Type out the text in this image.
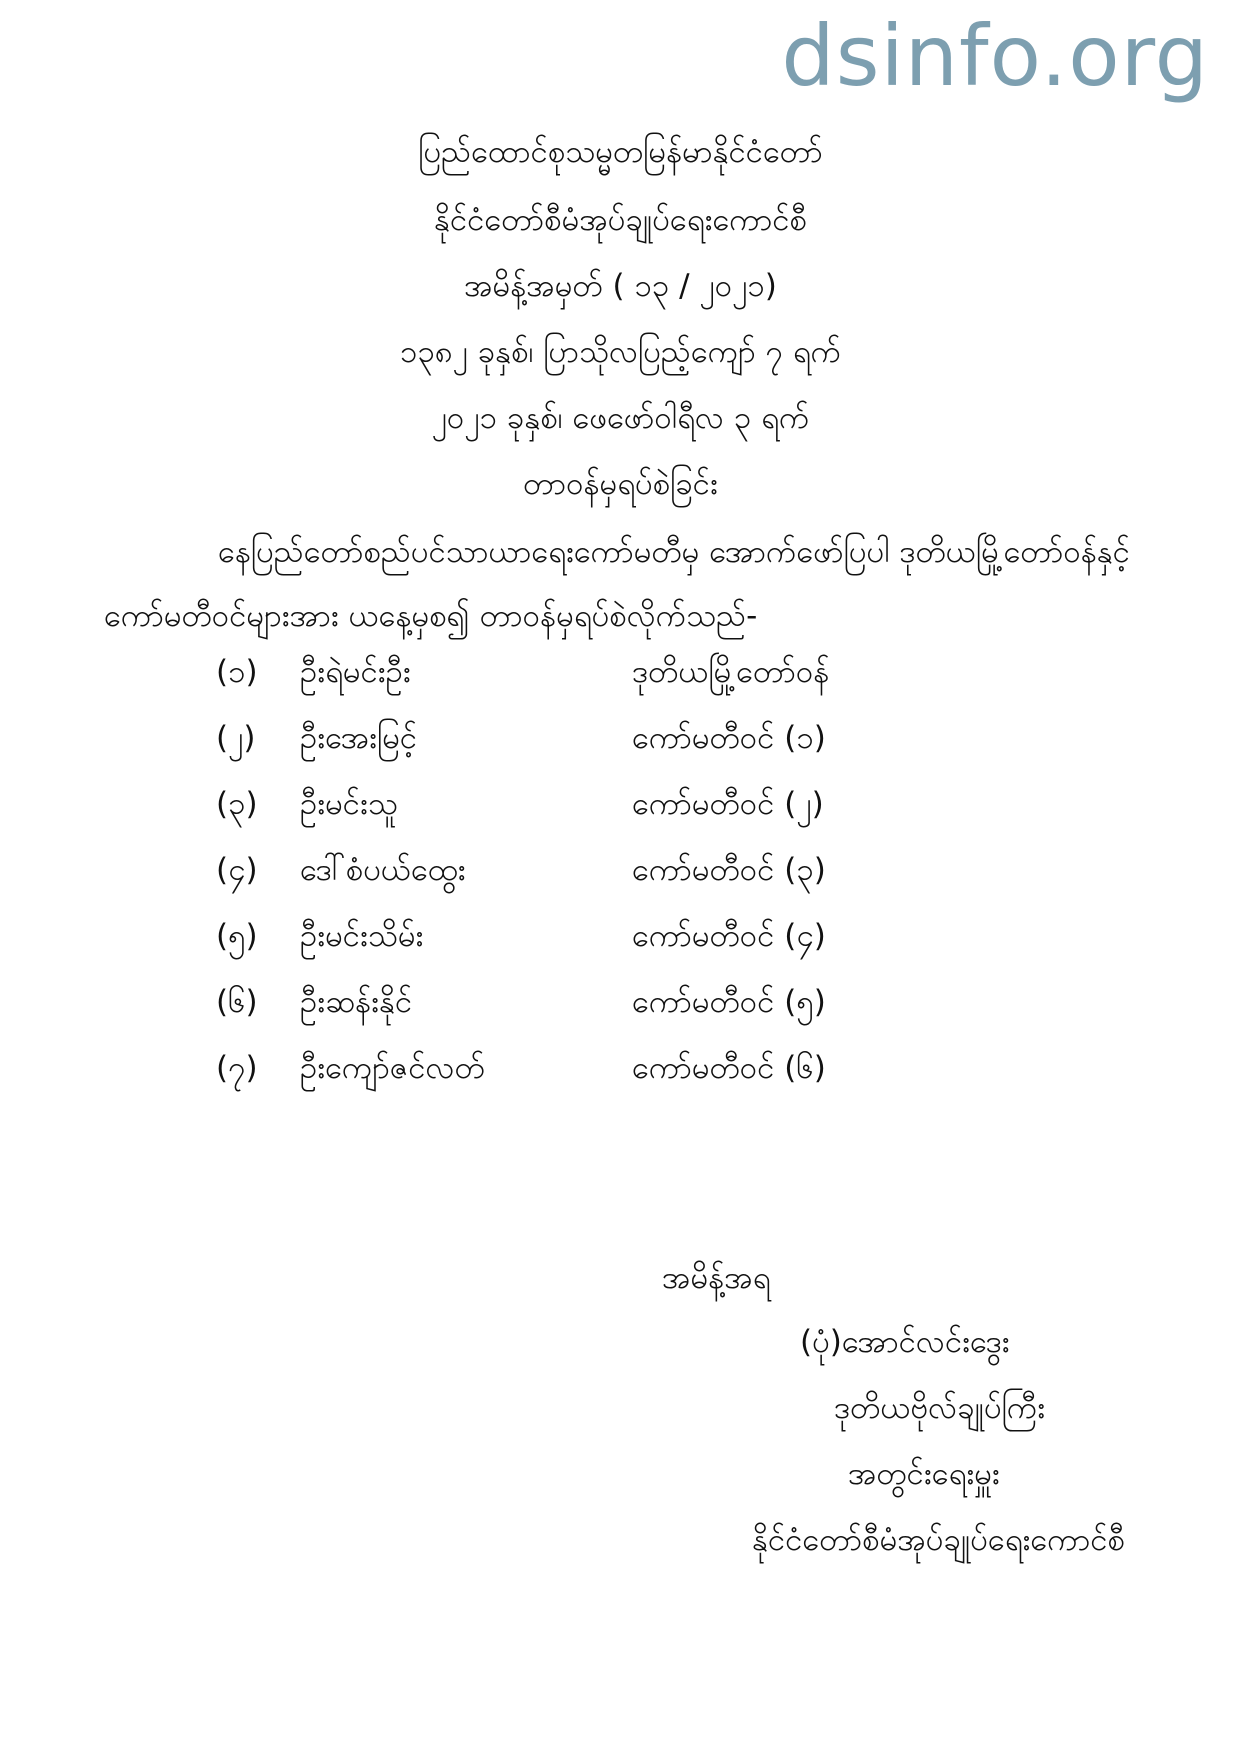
dsinfo.org
ပြည်ထောင်စုသမ္မတမြန်မာနိုင်ငံတော်
နိုင်ငံတော်စီမံအုပ်ချုပ်ရေးကောင်စီ
အမိန့်အမှတ် ( ၁၃ / ၂၀၂၁)
၁၃၈၂ ခုနှစ်၊ ပြာသိုလပြည့်ကျော် ၇ ရက်
၂၀၂၁ ခုနှစ်၊ ဖေဖော်ဝါရီလ ၃ ရက်
တာဝန်မှရပ်စဲခြင်း
နေပြည်တော်စည်ပင်သာယာရေးကော်မတီမှ အောက်ဖော်ပြပါ ဒုတိယမြို့တော်ဝန်နှင့်
ကော်မတီဝင်များအား ယနေ့မှစ၍ တာဝန်မှရပ်စဲလိုက်သည်-
(၁) ဦးရဲမင်းဦး	ဒုတိယမြို့တော်ဝန်
(၂) ဦးအေးမြင့်	ကော်မတီဝင် (၁)
(၃) ဦးမင်းသူ	ကော်မတီဝင် (၂)
(၄) ဒေါ်စံပယ်ထွေး	ကော်မတီဝင် (၃)
(၅) ဦးမင်းသိမ်း	ကော်မတီဝင် (၄)
(၆) ဦးဆန်းနိုင်	ကော်မတီဝင် (၅)
(၇) ဦးကျော်ဇင်လတ်	ကော်မတီဝင် (၆)
အမိန့်အရ
(ပုံ)အောင်လင်းဒွေး
ဒုတိယဗိုလ်ချုပ်ကြီး
အတွင်းရေးမှူး
နိုင်ငံတော်စီမံအုပ်ချုပ်ရေးကောင်စီ
